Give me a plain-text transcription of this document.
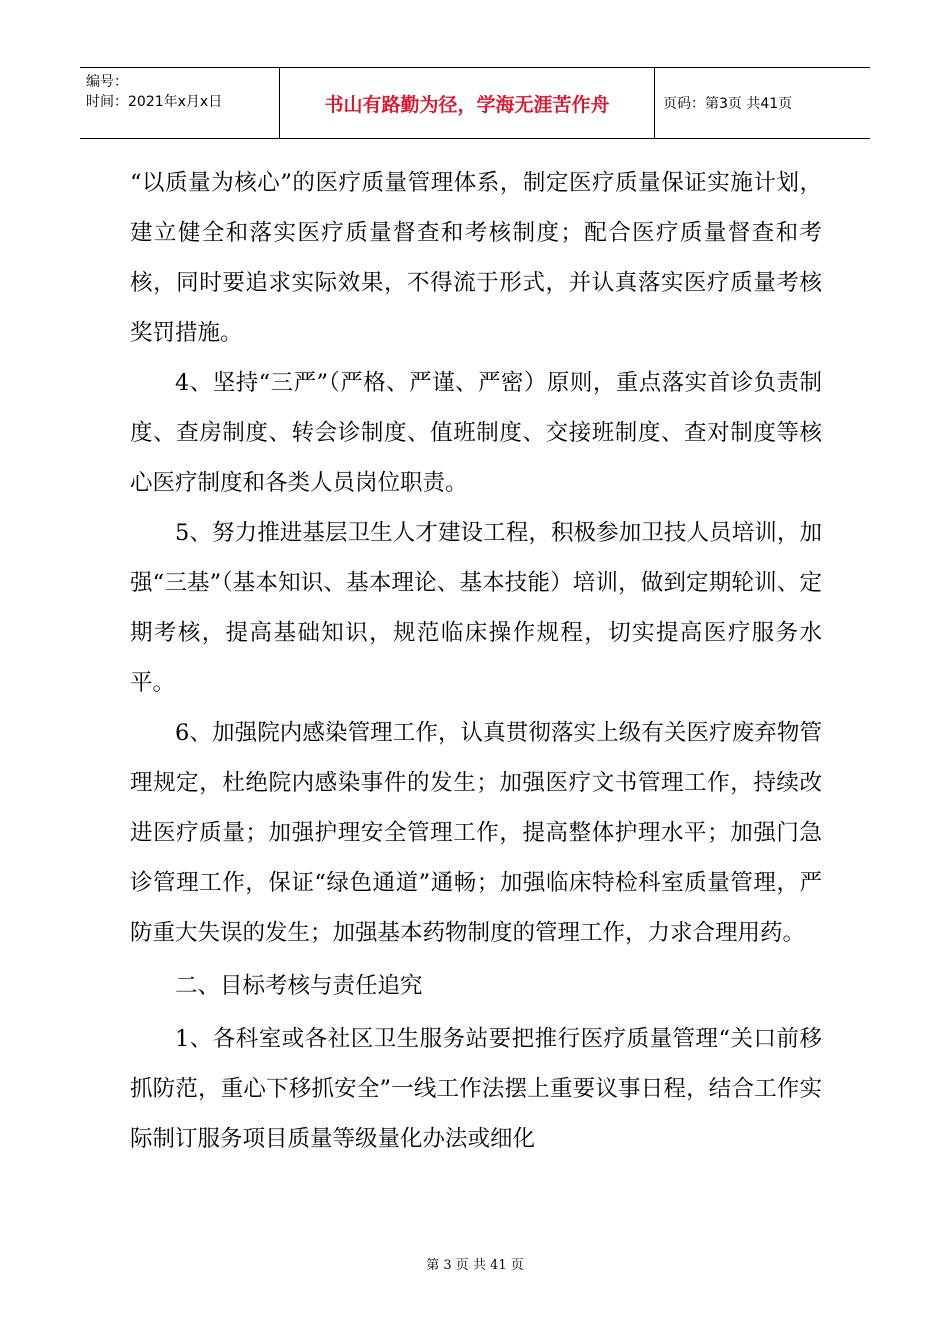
编号：
时间：2021年x月x日	书山有路勤为径，学海无涯苦作舟	页码：第3页 共41页

“以质量为核心”的医疗质量管理体系，制定医疗质量保证实施计划，建立健全和落实医疗质量督查和考核制度；配合医疗质量督查和考核，同时要追求实际效果，不得流于形式，并认真落实医疗质量考核奖罚措施。

4、坚持“三严”（严格、严谨、严密）原则，重点落实首诊负责制度、查房制度、转会诊制度、值班制度、交接班制度、查对制度等核心医疗制度和各类人员岗位职责。

5、努力推进基层卫生人才建设工程，积极参加卫技人员培训，加强“三基”（基本知识、基本理论、基本技能）培训，做到定期轮训、定期考核，提高基础知识，规范临床操作规程，切实提高医疗服务水平。

6、加强院内感染管理工作，认真贯彻落实上级有关医疗废弃物管理规定，杜绝院内感染事件的发生；加强医疗文书管理工作，持续改进医疗质量；加强护理安全管理工作，提高整体护理水平；加强门急诊管理工作，保证“绿色通道”通畅；加强临床特检科室质量管理，严防重大失误的发生；加强基本药物制度的管理工作，力求合理用药。

二、目标考核与责任追究

1、各科室或各社区卫生服务站要把推行医疗质量管理“关口前移抓防范，重心下移抓安全”一线工作法摆上重要议事日程，结合工作实际制订服务项目质量等级量化办法或细化

第 3 页 共 41 页
